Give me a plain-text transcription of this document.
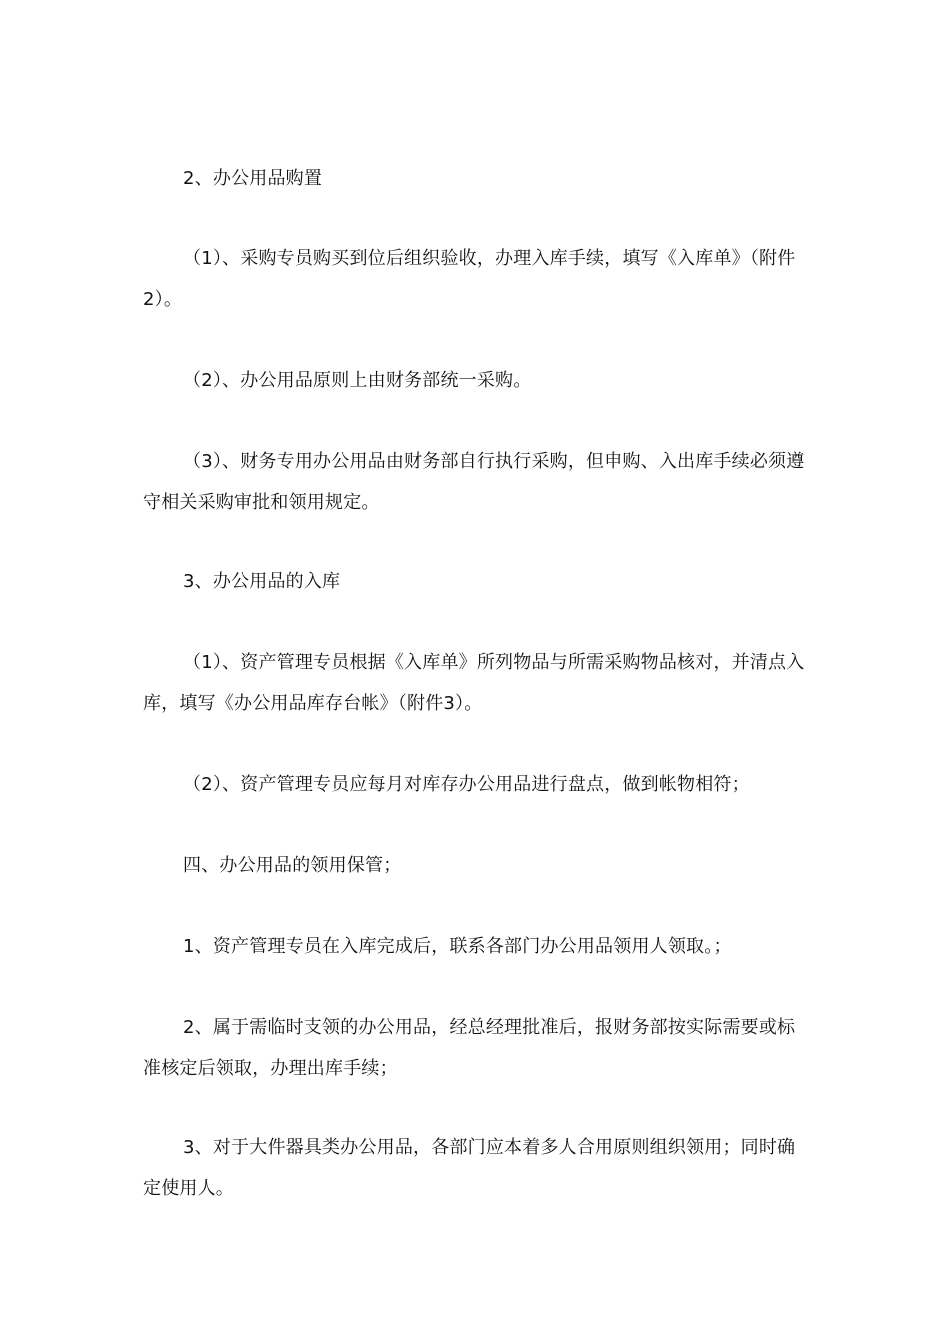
2、办公用品购置

（1）、采购专员购买到位后组织验收，办理入库手续，填写《入库单》（附件2）。

（2）、办公用品原则上由财务部统一采购。

（3）、财务专用办公用品由财务部自行执行采购，但申购、入出库手续必须遵守相关采购审批和领用规定。

3、办公用品的入库

（1）、资产管理专员根据《入库单》所列物品与所需采购物品核对，并清点入库，填写《办公用品库存台帐》（附件3）。

（2）、资产管理专员应每月对库存办公用品进行盘点，做到帐物相符；

四、办公用品的领用保管；

1、资产管理专员在入库完成后，联系各部门办公用品领用人领取。；

2、属于需临时支领的办公用品，经总经理批准后，报财务部按实际需要或标准核定后领取，办理出库手续；

3、对于大件器具类办公用品，各部门应本着多人合用原则组织领用；同时确定使用人。
